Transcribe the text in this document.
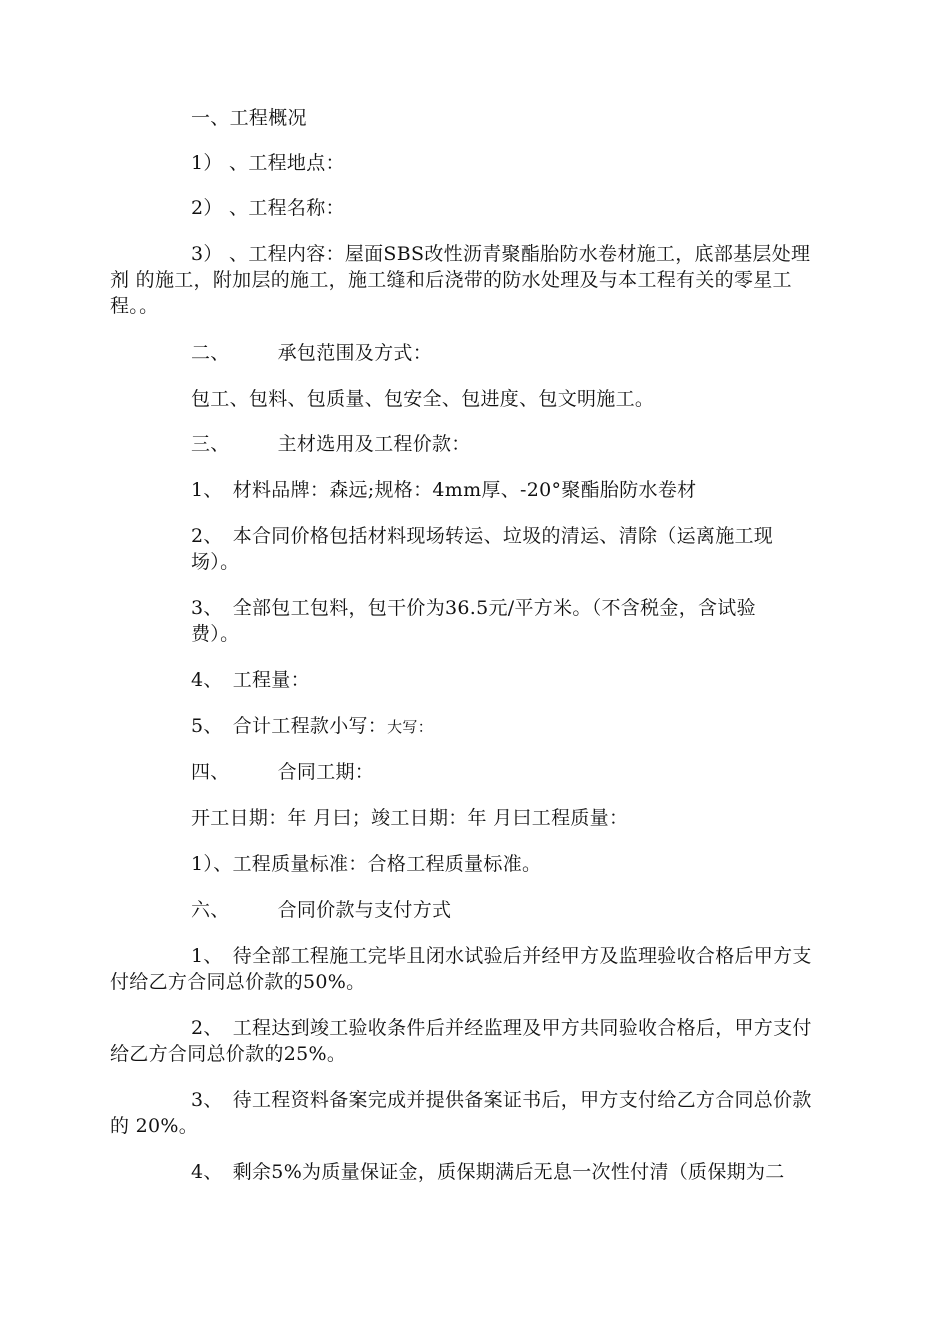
一、工程概况
1） 、工程地点：
2） 、工程名称：
3） 、工程内容：屋面SBS改性沥青聚酯胎防水卷材施工，底部基层处理
剂 的施工，附加层的施工，施工缝和后浇带的防水处理及与本工程有关的零星工
程。。
二、	承包范围及方式：
包工、包料、包质量、包安全、包进度、包文明施工。
三、	主材选用及工程价款：
1、 材料品牌：森远;规格：4mm厚、-20°聚酯胎防水卷材
2、 本合同价格包括材料现场转运、垃圾的清运、清除（运离施工现
场）。
3、 全部包工包料，包干价为36.5元/平方米。（不含税金，含试验
费）。
4、 工程量：
5、 合计工程款小写：大写：
四、	合同工期：
开工日期：年 月曰；竣工日期：年 月曰工程质量：
1）、工程质量标准：合格工程质量标准。
六、	合同价款与支付方式
1、 待全部工程施工完毕且闭水试验后并经甲方及监理验收合格后甲方支
付给乙方合同总价款的50%。
2、 工程达到竣工验收条件后并经监理及甲方共同验收合格后，甲方支付
给乙方合同总价款的25%。
3、 待工程资料备案完成并提供备案证书后，甲方支付给乙方合同总价款
的 20%。
4、 剩余5%为质量保证金，质保期满后无息一次性付清（质保期为二
